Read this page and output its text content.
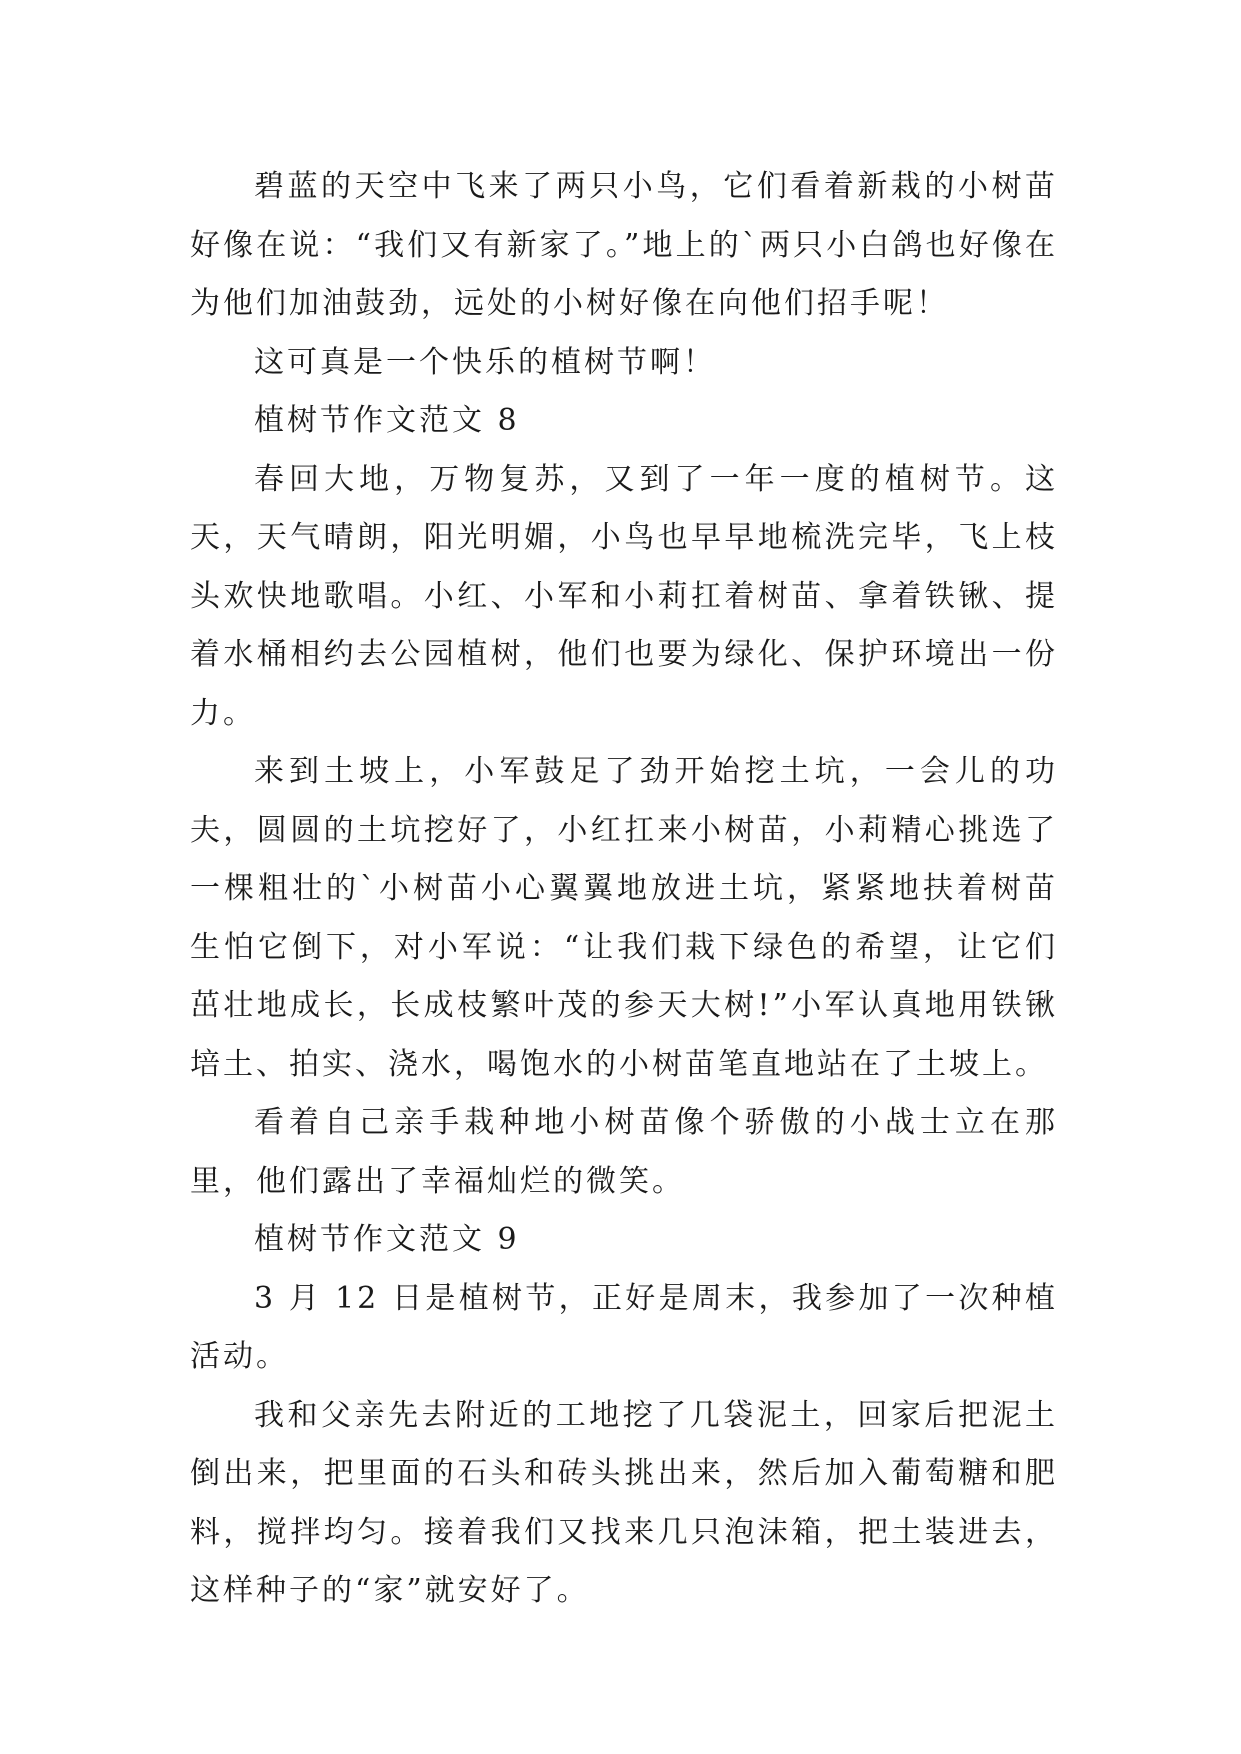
碧蓝的天空中飞来了两只小鸟，它们看着新栽的小树苗好像在说：“我们又有新家了。”地上的`两只小白鸽也好像在为他们加油鼓劲，远处的小树好像在向他们招手呢！

这可真是一个快乐的植树节啊！

植树节作文范文 8

春回大地，万物复苏，又到了一年一度的植树节。这天，天气晴朗，阳光明媚，小鸟也早早地梳洗完毕，飞上枝头欢快地歌唱。小红、小军和小莉扛着树苗、拿着铁锹、提着水桶相约去公园植树，他们也要为绿化、保护环境出一份力。

来到土坡上，小军鼓足了劲开始挖土坑，一会儿的功夫，圆圆的土坑挖好了，小红扛来小树苗，小莉精心挑选了一棵粗壮的`小树苗小心翼翼地放进土坑，紧紧地扶着树苗生怕它倒下，对小军说：“让我们栽下绿色的希望，让它们茁壮地成长，长成枝繁叶茂的参天大树!”小军认真地用铁锹培土、拍实、浇水，喝饱水的小树苗笔直地站在了土坡上。

看着自己亲手栽种地小树苗像个骄傲的小战士立在那里，他们露出了幸福灿烂的微笑。

植树节作文范文 9

3 月 12 日是植树节，正好是周末，我参加了一次种植活动。

我和父亲先去附近的工地挖了几袋泥土，回家后把泥土倒出来，把里面的石头和砖头挑出来，然后加入葡萄糖和肥料，搅拌均匀。接着我们又找来几只泡沫箱，把土装进去，这样种子的“家”就安好了。
